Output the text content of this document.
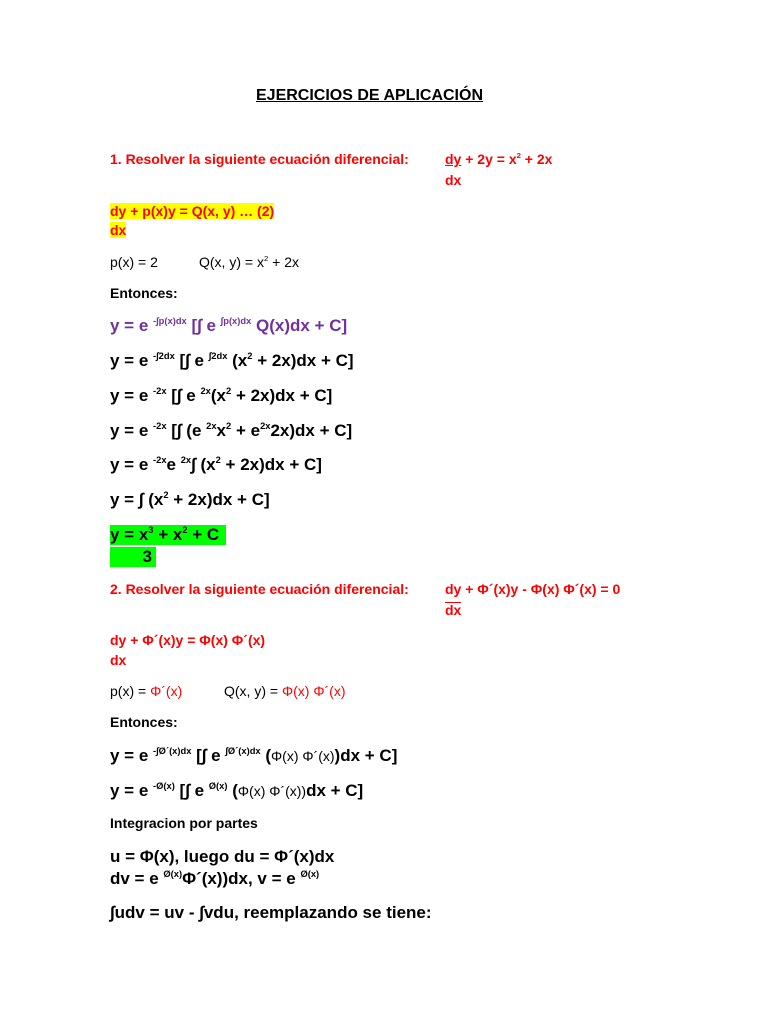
EJERCICIOS DE APLICACIÓN
1. Resolver la siguiente ecuación diferencial:	dy + $2y = x^2 + 2x$
dx
dy + p(x)y = Q(x, y) … (2)
dx
p(x) = 2	Q(x, $y) = x^2 + 2x$
Entonces:
y = e $^{-\int p(x)dx}$ [∫ e $^{\int p(x)dx}$ Q(x)dx + C]
y = e $^{-\int 2dx}$ [∫ e $^{\int 2dx}$ $(x^2 + 2x)dx + C$]
y = e $^{-2x}$ [∫ e $^{2x}(x^2 + 2x)dx + C$]
y = e $^{-2x}$ [∫ (e $^{2x}x^2 + e^{2x}2x)dx + C$]
y = e $^{-2x}$e $^{2x}$∫ $(x^2 + 2x)dx + C$]
y = ∫ $(x^2 + 2x)dx + C$]
$y = x^3 + x^2 + C$
3
2. Resolver la siguiente ecuación diferencial:	dy + Φ´(x)y - Φ(x) Φ´(x) = 0
dx
dy + Φ´(x)y = Φ(x) Φ´(x)
dx
p(x) = Φ´(x)	Q(x, y) = Φ(x) Φ´(x)
Entonces:
y = e $^{-\int Ø´(x)dx}$ [∫ e $^{\int Ø´(x)dx}$ (Φ(x) Φ´(x))dx + C]
y = e $^{-Ø(x)}$ [∫ e $^{Ø(x)}$ (Φ(x) Φ´(x))dx + C]
Integracion por partes
u = Φ(x), luego du = Φ´(x)dx
dv = e $^{Ø(x)}$Φ´(x))dx, v = e $^{Ø(x)}$
∫udv = uv - ∫vdu, reemplazando se tiene:
